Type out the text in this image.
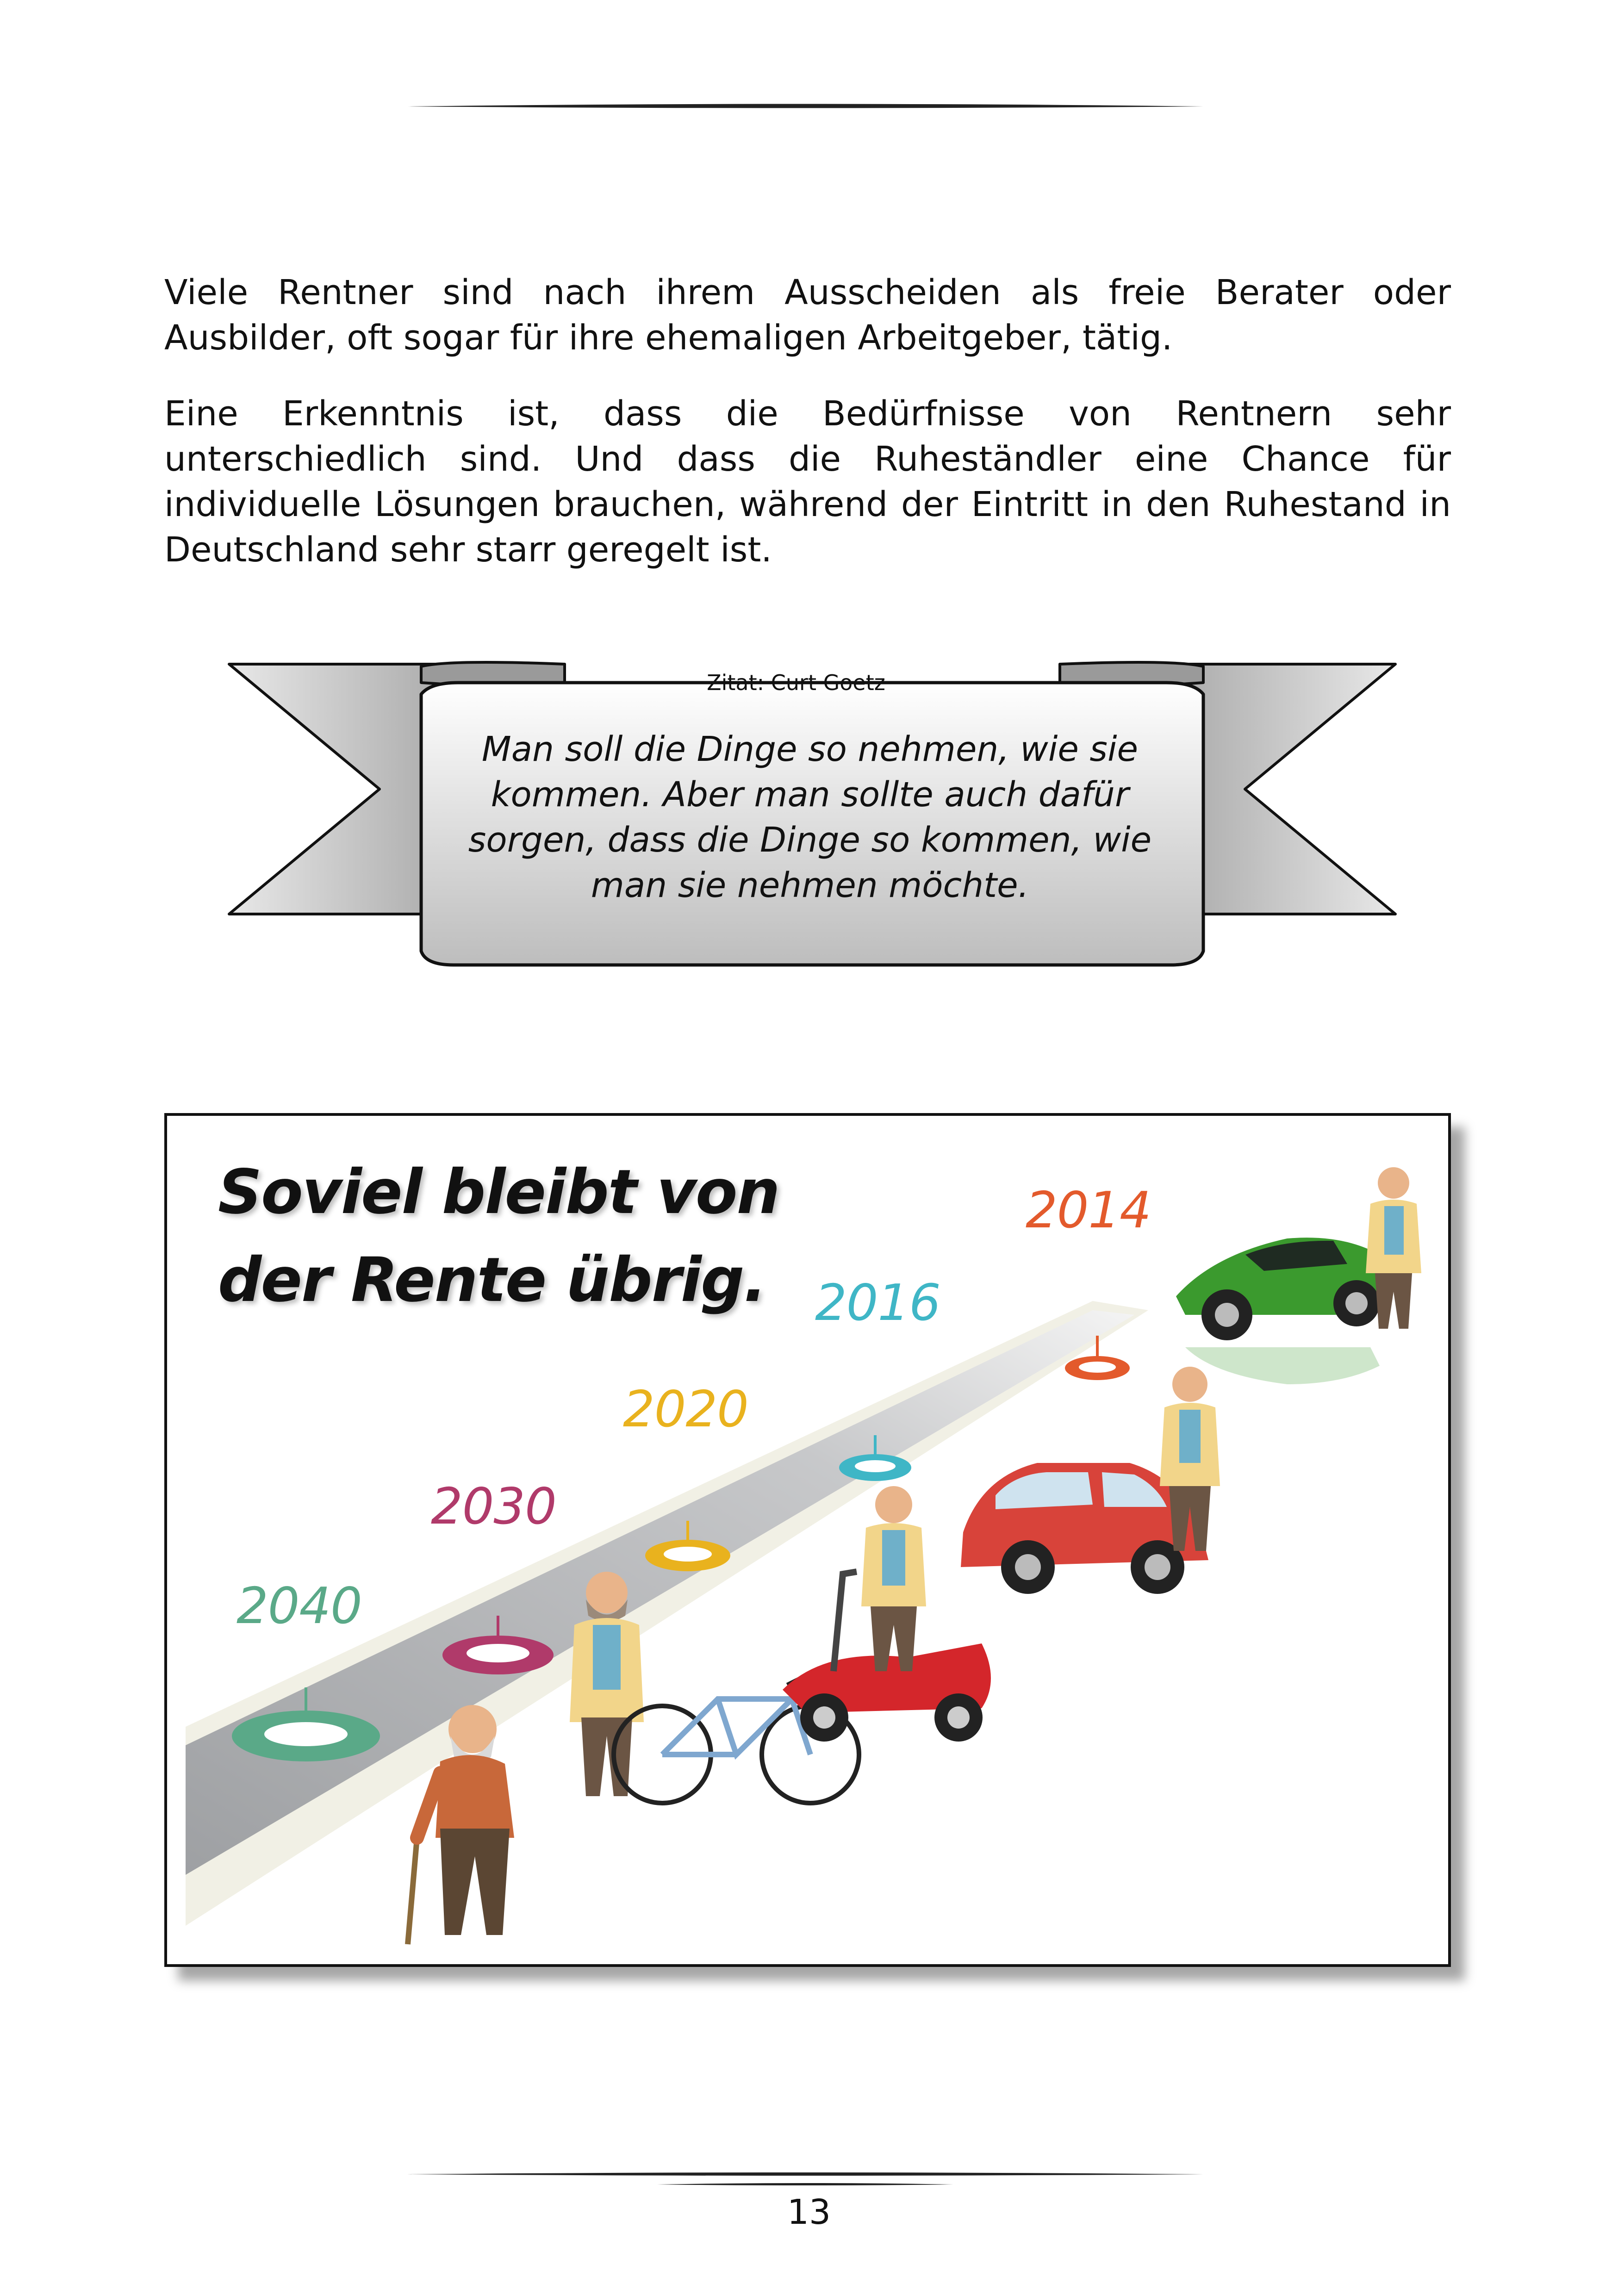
Viele Rentner sind nach ihrem Ausscheiden als freie Berater oder Ausbilder, oft sogar für ihre ehemaligen Arbeitgeber, tätig.

Eine Erkenntnis ist, dass die Bedürfnisse von Rentnern sehr unterschiedlich sind. Und dass die Ruheständler eine Chance für individuelle Lösungen brauchen, während der Eintritt in den Ruhestand in Deutschland sehr starr geregelt ist.

Zitat: Curt Goetz
Man soll die Dinge so nehmen, wie sie kommen. Aber man sollte auch dafür sorgen, dass die Dinge so kommen, wie man sie nehmen möchte.
Soviel bleibt von
der Rente übrig.
2040
2030
2020
2016
2014
13
